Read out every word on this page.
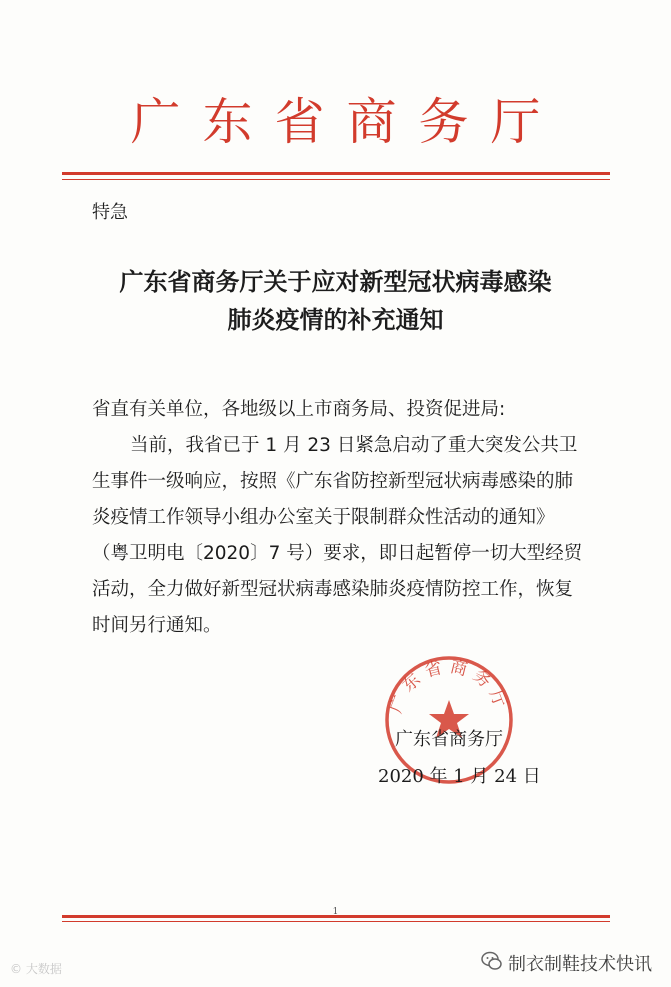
广东省商务厅
特急
广东省商务厅关于应对新型冠状病毒感染
肺炎疫情的补充通知
省直有关单位，各地级以上市商务局、投资促进局:
当前，我省已于 1 月 23 日紧急启动了重大突发公共卫
生事件一级响应，按照《广东省防控新型冠状病毒感染的肺
炎疫情工作领导小组办公室关于限制群众性活动的通知》
（粤卫明电〔2020〕7 号）要求，即日起暂停一切大型经贸
活动，全力做好新型冠状病毒感染肺炎疫情防控工作，恢复
时间另行通知。
广东省商务厅
广东省商务厅
2020 年 1 月 24 日
1
© 大数据	制衣制鞋技术快讯
